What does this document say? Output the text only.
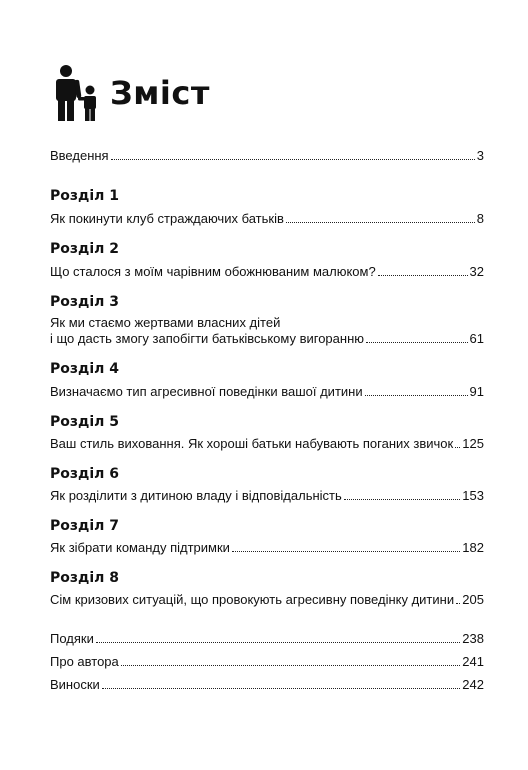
Зміст
Введення	3
Розділ 1
Як покинути клуб страждаючих батьків	8
Розділ 2
Що сталося з моїм чарівним обожнюваним малюком?	32
Розділ 3
Як ми стаємо жертвами власних дітей
і що дасть змогу запобігти батьківському вигоранню	61
Розділ 4
Визначаємо тип агресивної поведінки вашої дитини	91
Розділ 5
Ваш стиль виховання. Як хороші батьки набувають поганих звичок 125
Розділ 6
Як розділити з дитиною владу і відповідальність	153
Розділ 7
Як зібрати команду підтримки	182
Розділ 8
Сім кризових ситуацій, що провокують агресивну поведінку дитини 205
Подяки	238
Про автора	241
Виноски	242
